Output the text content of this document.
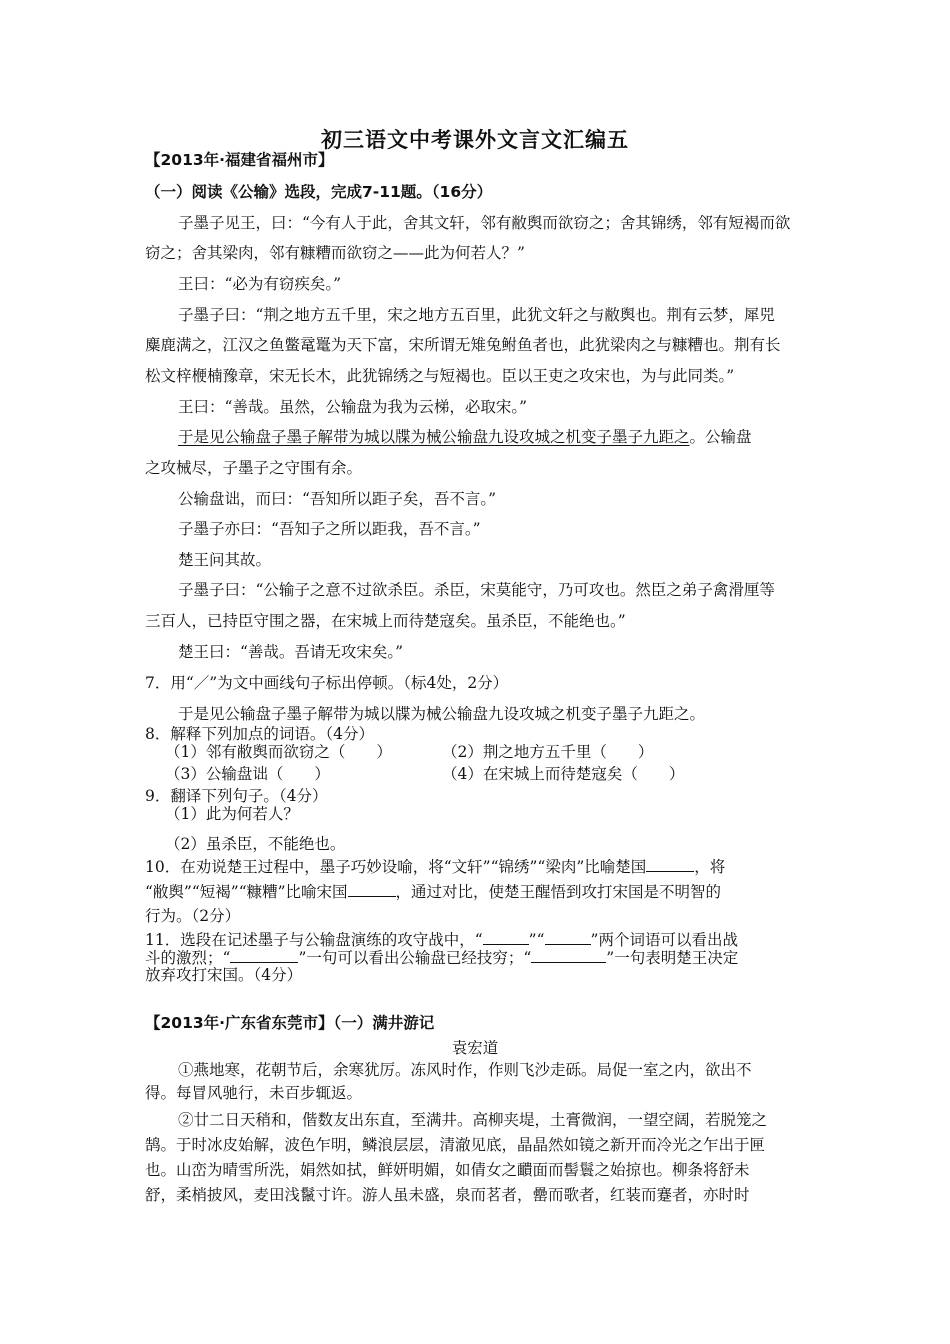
初三语文中考课外文言文汇编五
【2013年·福建省福州市】
（一）阅读《公输》选段，完成7-11题。（16分）
子墨子见王，曰：“今有人于此，舍其文轩，邻有敝舆而欲窃之；舍其锦绣，邻有短褐而欲
窃之；舍其梁肉，邻有糠糟而欲窃之——此为何若人？”
王曰：“必为有窃疾矣。”
子墨子曰：“荆之地方五千里，宋之地方五百里，此犹文轩之与敝舆也。荆有云梦，犀兕
麋鹿满之，江汉之鱼鳖鼋鼍为天下富，宋所谓无雉兔鲋鱼者也，此犹梁肉之与糠糟也。荆有长
松文梓楩楠豫章，宋无长木，此犹锦绣之与短褐也。臣以王吏之攻宋也，为与此同类。”
王曰：“善哉。虽然，公输盘为我为云梯，必取宋。”
于是见公输盘子墨子解带为城以牒为械公输盘九设攻城之机变子墨子九距之。公输盘
之攻械尽，子墨子之守围有余。
公输盘诎，而曰：“吾知所以距子矣，吾不言。”
子墨子亦曰：“吾知子之所以距我，吾不言。”
楚王问其故。
子墨子曰：“公输子之意不过欲杀臣。杀臣，宋莫能守，乃可攻也。然臣之弟子禽滑厘等
三百人，已持臣守围之器，在宋城上而待楚寇矣。虽杀臣，不能绝也。”
楚王曰：“善哉。吾请无攻宋矣。”
7．用“／”为文中画线句子标出停顿。（标4处，2分）
于是见公输盘子墨子解带为城以牒为械公输盘九设攻城之机变子墨子九距之。
8．解释下列加点的词语。（4分）
（1）邻有敝舆而欲窃之（　　）	（2）荆之地方五千里（　　）
（3）公输盘诎（　　）	（4）在宋城上而待楚寇矣（　　）
9．翻译下列句子。（4分）
（1）此为何若人？
（2）虽杀臣，不能绝也。
10．在劝说楚王过程中，墨子巧妙设喻，将“文轩”“锦绣”“梁肉”比喻楚国	，将
“敝舆”“短褐”“糠糟”比喻宋国	，通过对比，使楚王醒悟到攻打宋国是不明智的
行为。（2分）
11．选段在记述墨子与公输盘演练的攻守战中，“	”“	”两个词语可以看出战
斗的激烈；“	”一句可以看出公输盘已经技穷；“	”一句表明楚王决定
放弃攻打宋国。（4分）
【2013年·广东省东莞市】（一）满井游记
袁宏道
①燕地寒，花朝节后，余寒犹厉。冻风时作，作则飞沙走砾。局促一室之内，欲出不
得。每冒风驰行，未百步辄返。
②廿二日天稍和，偕数友出东直，至满井。高柳夹堤，土膏微润，一望空阔，若脱笼之
鹄。于时冰皮始解，波色乍明，鳞浪层层，清澈见底，晶晶然如镜之新开而冷光之乍出于匣
也。山峦为晴雪所洗，娟然如拭，鲜妍明媚，如倩女之靧面而髻鬟之始掠也。柳条将舒未
舒，柔梢披风，麦田浅鬣寸许。游人虽未盛，泉而茗者，罍而歌者，红装而蹇者，亦时时
